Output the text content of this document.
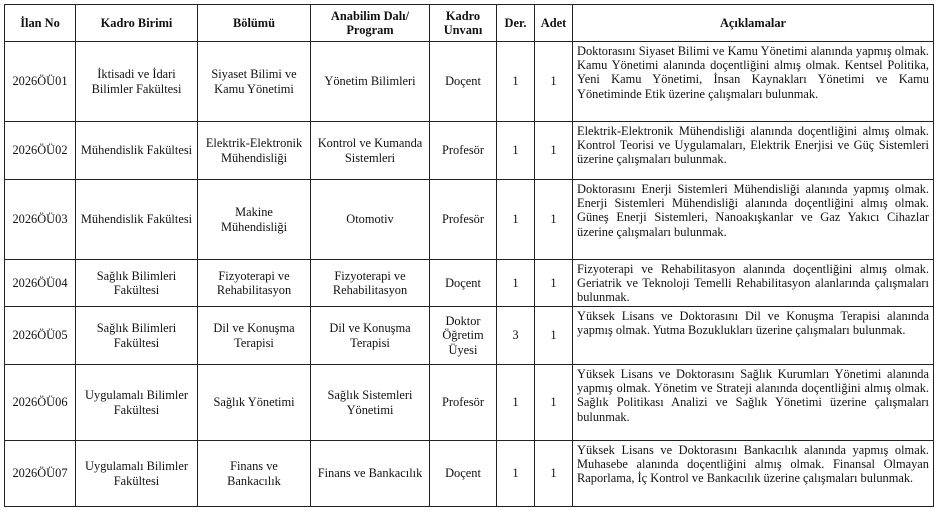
İlan No	Kadro Birimi	Bölümü	Anabilim Dalı/ Program	Kadro Unvanı	Der.	Adet	Açıklamalar
2026ÖÜ01	İktisadi ve İdari Bilimler Fakültesi	Siyaset Bilimi ve Kamu Yönetimi	Yönetim Bilimleri	Doçent	1	1	Doktorasını Siyaset Bilimi ve Kamu Yönetimi alanında yapmış olmak. Kamu Yönetimi alanında doçentliğini almış olmak. Kentsel Politika, Yeni Kamu Yönetimi, İnsan Kaynakları Yönetimi ve Kamu Yönetiminde Etik üzerine çalışmaları bulunmak.
2026ÖÜ02	Mühendislik Fakültesi	Elektrik-Elektronik Mühendisliği	Kontrol ve Kumanda Sistemleri	Profesör	1	1	Elektrik-Elektronik Mühendisliği alanında doçentliğini almış olmak. Kontrol Teorisi ve Uygulamaları, Elektrik Enerjisi ve Güç Sistemleri üzerine çalışmaları bulunmak.
2026ÖÜ03	Mühendislik Fakültesi	Makine Mühendisliği	Otomotiv	Profesör	1	1	Doktorasını Enerji Sistemleri Mühendisliği alanında yapmış olmak. Enerji Sistemleri Mühendisliği alanında doçentliğini almış olmak. Güneş Enerji Sistemleri, Nanoakışkanlar ve Gaz Yakıcı Cihazlar üzerine çalışmaları bulunmak.
2026ÖÜ04	Sağlık Bilimleri Fakültesi	Fizyoterapi ve Rehabilitasyon	Fizyoterapi ve Rehabilitasyon	Doçent	1	1	Fizyoterapi ve Rehabilitasyon alanında doçentliğini almış olmak. Geriatrik ve Teknoloji Temelli Rehabilitasyon alanlarında çalışmaları bulunmak.
2026ÖÜ05	Sağlık Bilimleri Fakültesi	Dil ve Konuşma Terapisi	Dil ve Konuşma Terapisi	Doktor Öğretim Üyesi	3	1	Yüksek Lisans ve Doktorasını Dil ve Konuşma Terapisi alanında yapmış olmak. Yutma Bozuklukları üzerine çalışmaları bulunmak.
2026ÖÜ06	Uygulamalı Bilimler Fakültesi	Sağlık Yönetimi	Sağlık Sistemleri Yönetimi	Profesör	1	1	Yüksek Lisans ve Doktorasını Sağlık Kurumları Yönetimi alanında yapmış olmak. Yönetim ve Strateji alanında doçentliğini almış olmak. Sağlık Politikası Analizi ve Sağlık Yönetimi üzerine çalışmaları bulunmak.
2026ÖÜ07	Uygulamalı Bilimler Fakültesi	Finans ve Bankacılık	Finans ve Bankacılık	Doçent	1	1	Yüksek Lisans ve Doktorasını Bankacılık alanında yapmış olmak. Muhasebe alanında doçentliğini almış olmak. Finansal Olmayan Raporlama, İç Kontrol ve Bankacılık üzerine çalışmaları bulunmak.
